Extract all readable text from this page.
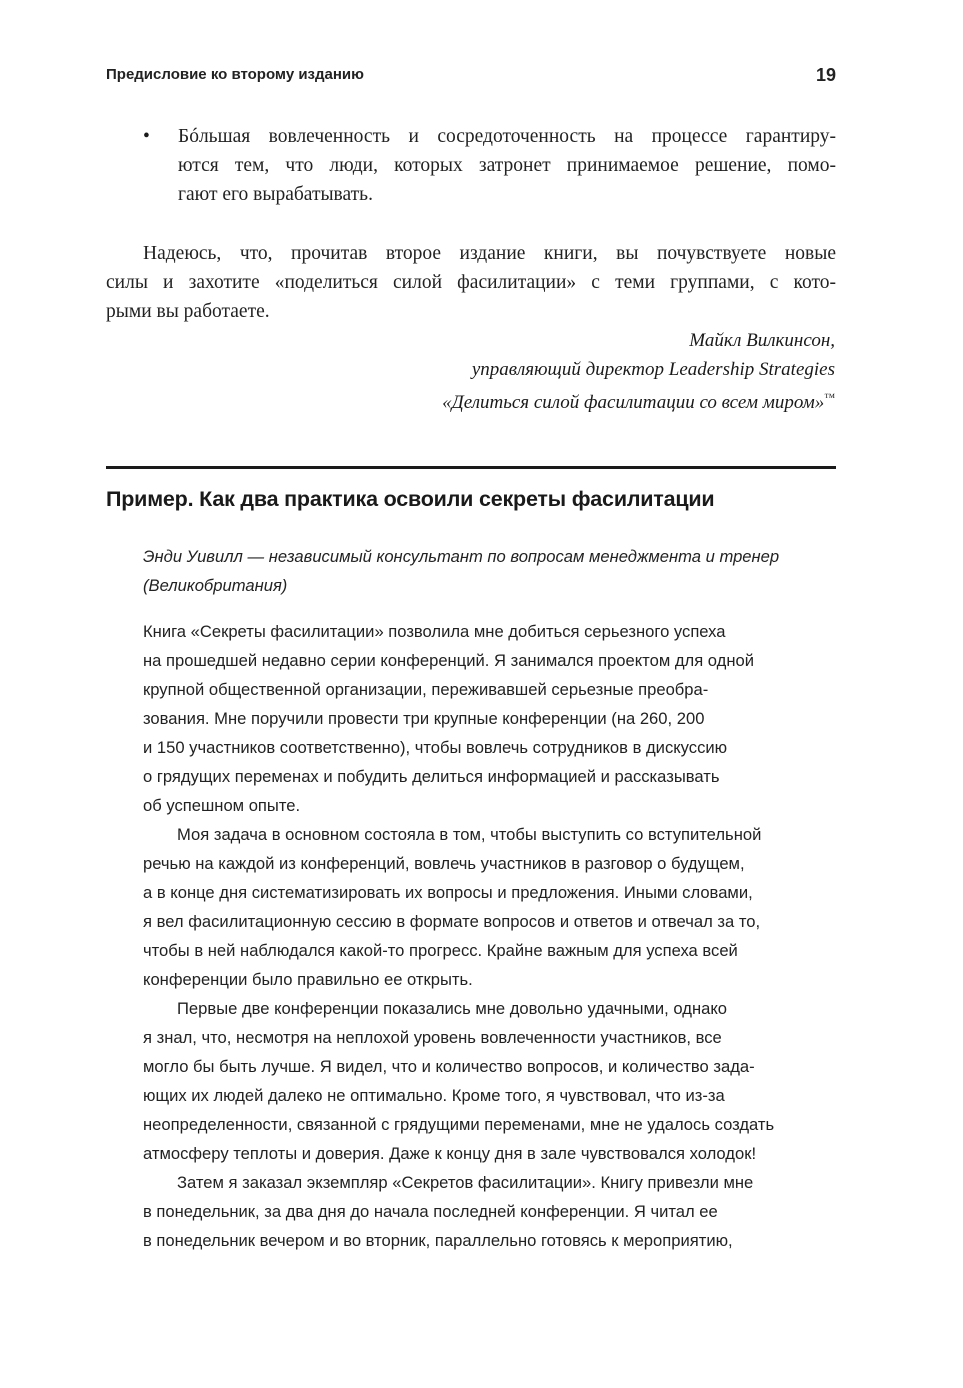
Предисловие ко второму изданию	19
• Бóльшая вовлеченность и сосредоточенность на процессе гарантиру-
ются тем, что люди, которых затронет принимаемое решение, помо-
гают его вырабатывать.
Надеюсь, что, прочитав второе издание книги, вы почувствуете новые
силы и захотите «поделиться силой фасилитации» с теми группами, с кото-
рыми вы работаете.
Майкл Вилкинсон,
управляющий директор Leadership Strategies
«Делиться силой фасилитации со всем миром»™
Пример. Как два практика освоили секреты фасилитации
Энди Уивилл — независимый консультант по вопросам менеджмента и тренер
(Великобритания)
Книга «Секреты фасилитации» позволила мне добиться серьезного успеха
на прошедшей недавно серии конференций. Я занимался проектом для одной
крупной общественной организации, переживавшей серьезные преобра-
зования. Мне поручили провести три крупные конференции (на 260, 200
и 150 участников соответственно), чтобы вовлечь сотрудников в дискуссию
о грядущих переменах и побудить делиться информацией и рассказывать
об успешном опыте.
Моя задача в основном состояла в том, чтобы выступить со вступительной
речью на каждой из конференций, вовлечь участников в разговор о будущем,
а в конце дня систематизировать их вопросы и предложения. Иными словами,
я вел фасилитационную сессию в формате вопросов и ответов и отвечал за то,
чтобы в ней наблюдался какой-то прогресс. Крайне важным для успеха всей
конференции было правильно ее открыть.
Первые две конференции показались мне довольно удачными, однако
я знал, что, несмотря на неплохой уровень вовлеченности участников, все
могло бы быть лучше. Я видел, что и количество вопросов, и количество зада-
ющих их людей далеко не оптимально. Кроме того, я чувствовал, что из-за
неопределенности, связанной с грядущими переменами, мне не удалось создать
атмосферу теплоты и доверия. Даже к концу дня в зале чувствовался холодок!
Затем я заказал экземпляр «Секретов фасилитации». Книгу привезли мне
в понедельник, за два дня до начала последней конференции. Я читал ее
в понедельник вечером и во вторник, параллельно готовясь к мероприятию,
